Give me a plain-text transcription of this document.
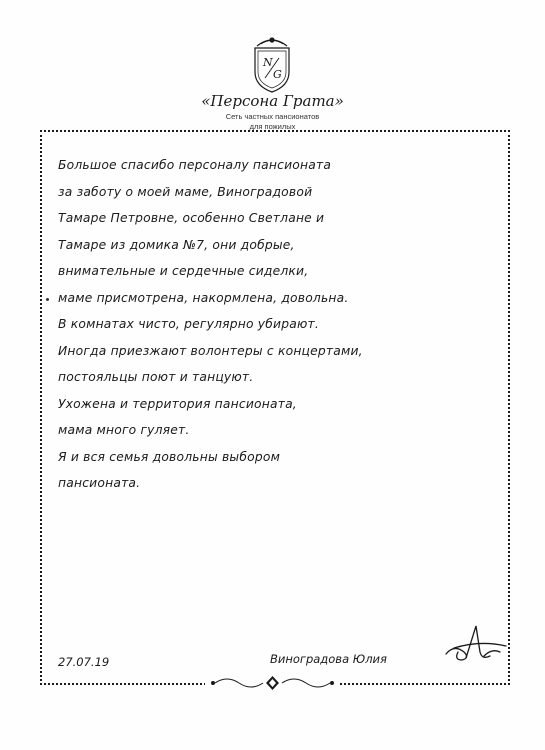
N
G
«Персона Грата»
Сеть частных пансионатов
для пожилых
Большое спасибо персоналу пансионата
за заботу о моей маме, Виноградовой
Тамаре Петровне, особенно Светлане и
Тамаре из домика №7, они добрые,
внимательные и сердечные сиделки,
маме присмотрена, накормлена, довольна.
В комнатах чисто, регулярно убирают.
Иногда приезжают волонтеры с концертами,
постояльцы поют и танцуют.
Ухожена и территория пансионата,
мама много гуляет.
Я и вся семья довольны выбором
пансионата.
27.07.19	Виноградова Юлия
